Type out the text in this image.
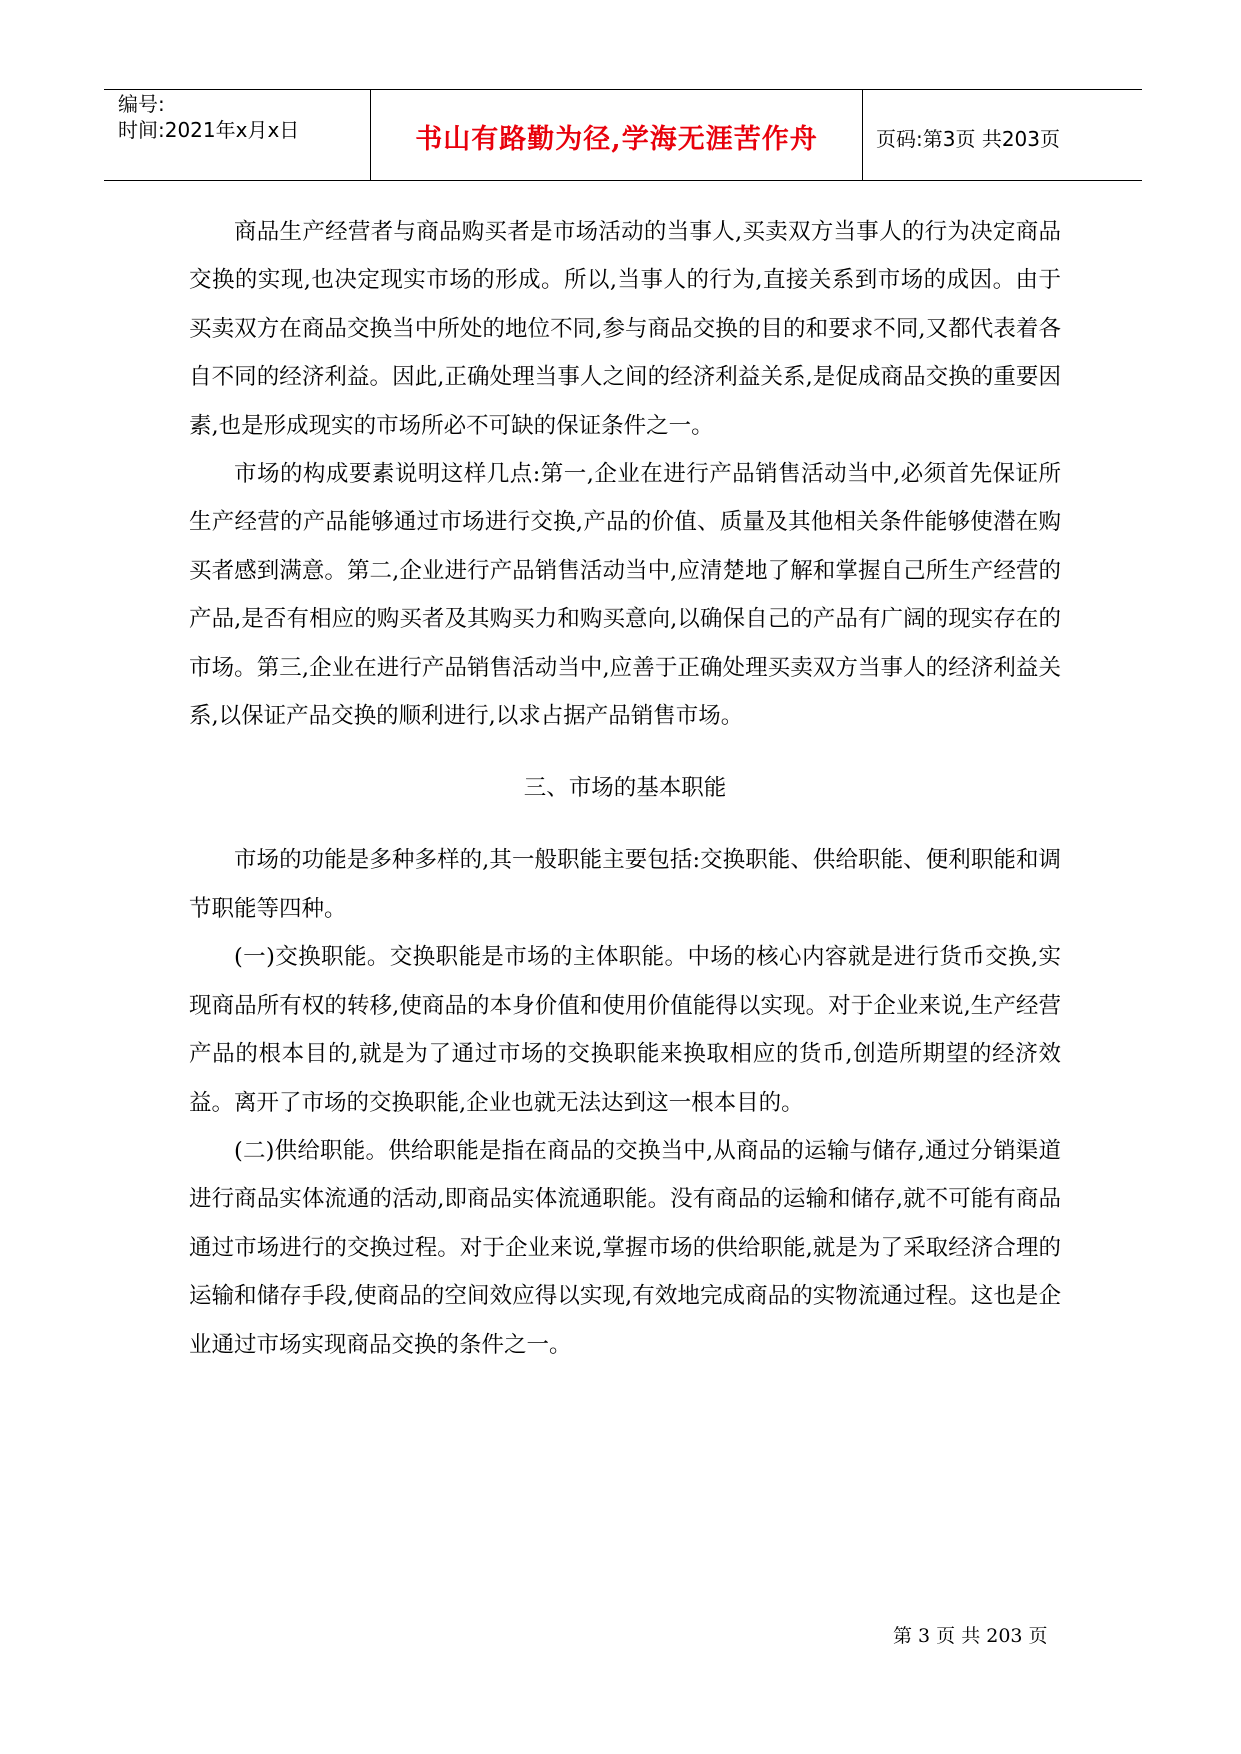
编号:
时间:2021年x月x日	书山有路勤为径,学海无涯苦作舟	页码:第3页 共203页

商品生产经营者与商品购买者是市场活动的当事人,买卖双方当事人的行为决定商品交换的实现,也决定现实市场的形成。所以,当事人的行为,直接关系到市场的成因。由于买卖双方在商品交换当中所处的地位不同,参与商品交换的目的和要求不同,又都代表着各自不同的经济利益。因此,正确处理当事人之间的经济利益关系,是促成商品交换的重要因素,也是形成现实的市场所必不可缺的保证条件之一。

市场的构成要素说明这样几点:第一,企业在进行产品销售活动当中,必须首先保证所生产经营的产品能够通过市场进行交换,产品的价值、质量及其他相关条件能够使潜在购买者感到满意。第二,企业进行产品销售活动当中,应清楚地了解和掌握自己所生产经营的产品,是否有相应的购买者及其购买力和购买意向,以确保自己的产品有广阔的现实存在的市场。第三,企业在进行产品销售活动当中,应善于正确处理买卖双方当事人的经济利益关系,以保证产品交换的顺利进行,以求占据产品销售市场。

三、市场的基本职能

市场的功能是多种多样的,其一般职能主要包括:交换职能、供给职能、便利职能和调节职能等四种。

(一)交换职能。交换职能是市场的主体职能。中场的核心内容就是进行货币交换,实现商品所有权的转移,使商品的本身价值和使用价值能得以实现。对于企业来说,生产经营产品的根本目的,就是为了通过市场的交换职能来换取相应的货币,创造所期望的经济效益。离开了市场的交换职能,企业也就无法达到这一根本目的。

(二)供给职能。供给职能是指在商品的交换当中,从商品的运输与储存,通过分销渠道进行商品实体流通的活动,即商品实体流通职能。没有商品的运输和储存,就不可能有商品通过市场进行的交换过程。对于企业来说,掌握市场的供给职能,就是为了采取经济合理的运输和储存手段,使商品的空间效应得以实现,有效地完成商品的实物流通过程。这也是企业通过市场实现商品交换的条件之一。

第 3 页 共 203 页
